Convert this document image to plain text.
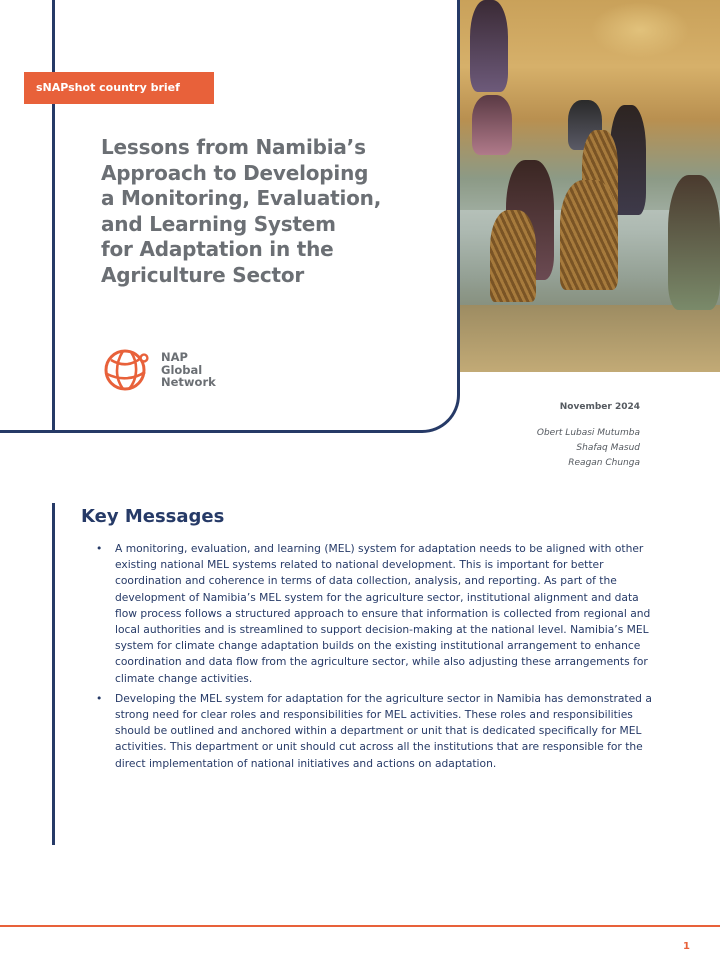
sNAPshot country brief
Lessons from Namibia’s
Approach to Developing
a Monitoring, Evaluation,
and Learning System
for Adaptation in the
Agriculture Sector
NAP
Global
Network
November 2024
Obert Lubasi Mutumba
Shafaq Masud
Reagan Chunga
Key Messages
• A monitoring, evaluation, and learning (MEL) system for adaptation needs to be aligned with other existing national MEL systems related to national development. This is important for better coordination and coherence in terms of data collection, analysis, and reporting. As part of the development of Namibia’s MEL system for the agriculture sector, institutional alignment and data flow process follows a structured approach to ensure that information is collected from regional and local authorities and is streamlined to support decision-making at the national level. Namibia’s MEL system for climate change adaptation builds on the existing institutional arrangement to enhance coordination and data flow from the agriculture sector, while also adjusting these arrangements for climate change activities.
• Developing the MEL system for adaptation for the agriculture sector in Namibia has demonstrated a strong need for clear roles and responsibilities for MEL activities. These roles and responsibilities should be outlined and anchored within a department or unit that is dedicated specifically for MEL activities. This department or unit should cut across all the institutions that are responsible for the direct implementation of national initiatives and actions on adaptation.
1
